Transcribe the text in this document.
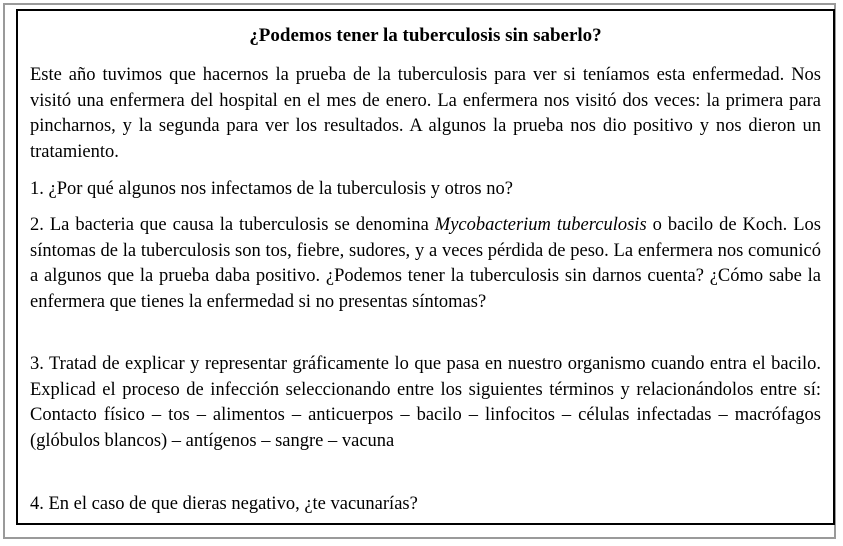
¿Podemos tener la tuberculosis sin saberlo?

Este año tuvimos que hacernos la prueba de la tuberculosis para ver si teníamos esta enfermedad. Nos visitó una enfermera del hospital en el mes de enero. La enfermera nos visitó dos veces: la primera para pincharnos, y la segunda para ver los resultados. A algunos la prueba nos dio positivo y nos dieron un tratamiento.

1. ¿Por qué algunos nos infectamos de la tuberculosis y otros no?

2. La bacteria que causa la tuberculosis se denomina Mycobacterium tuberculosis o bacilo de Koch. Los síntomas de la tuberculosis son tos, fiebre, sudores, y a veces pérdida de peso. La enfermera nos comunicó a algunos que la prueba daba positivo. ¿Podemos tener la tuberculosis sin darnos cuenta? ¿Cómo sabe la enfermera que tienes la enfermedad si no presentas síntomas?

3. Tratad de explicar y representar gráficamente lo que pasa en nuestro organismo cuando entra el bacilo. Explicad el proceso de infección seleccionando entre los siguientes términos y relacionándolos entre sí: Contacto físico – tos – alimentos – anticuerpos – bacilo – linfocitos – células infectadas – macrófagos (glóbulos blancos) – antígenos – sangre – vacuna

4. En el caso de que dieras negativo, ¿te vacunarías?
